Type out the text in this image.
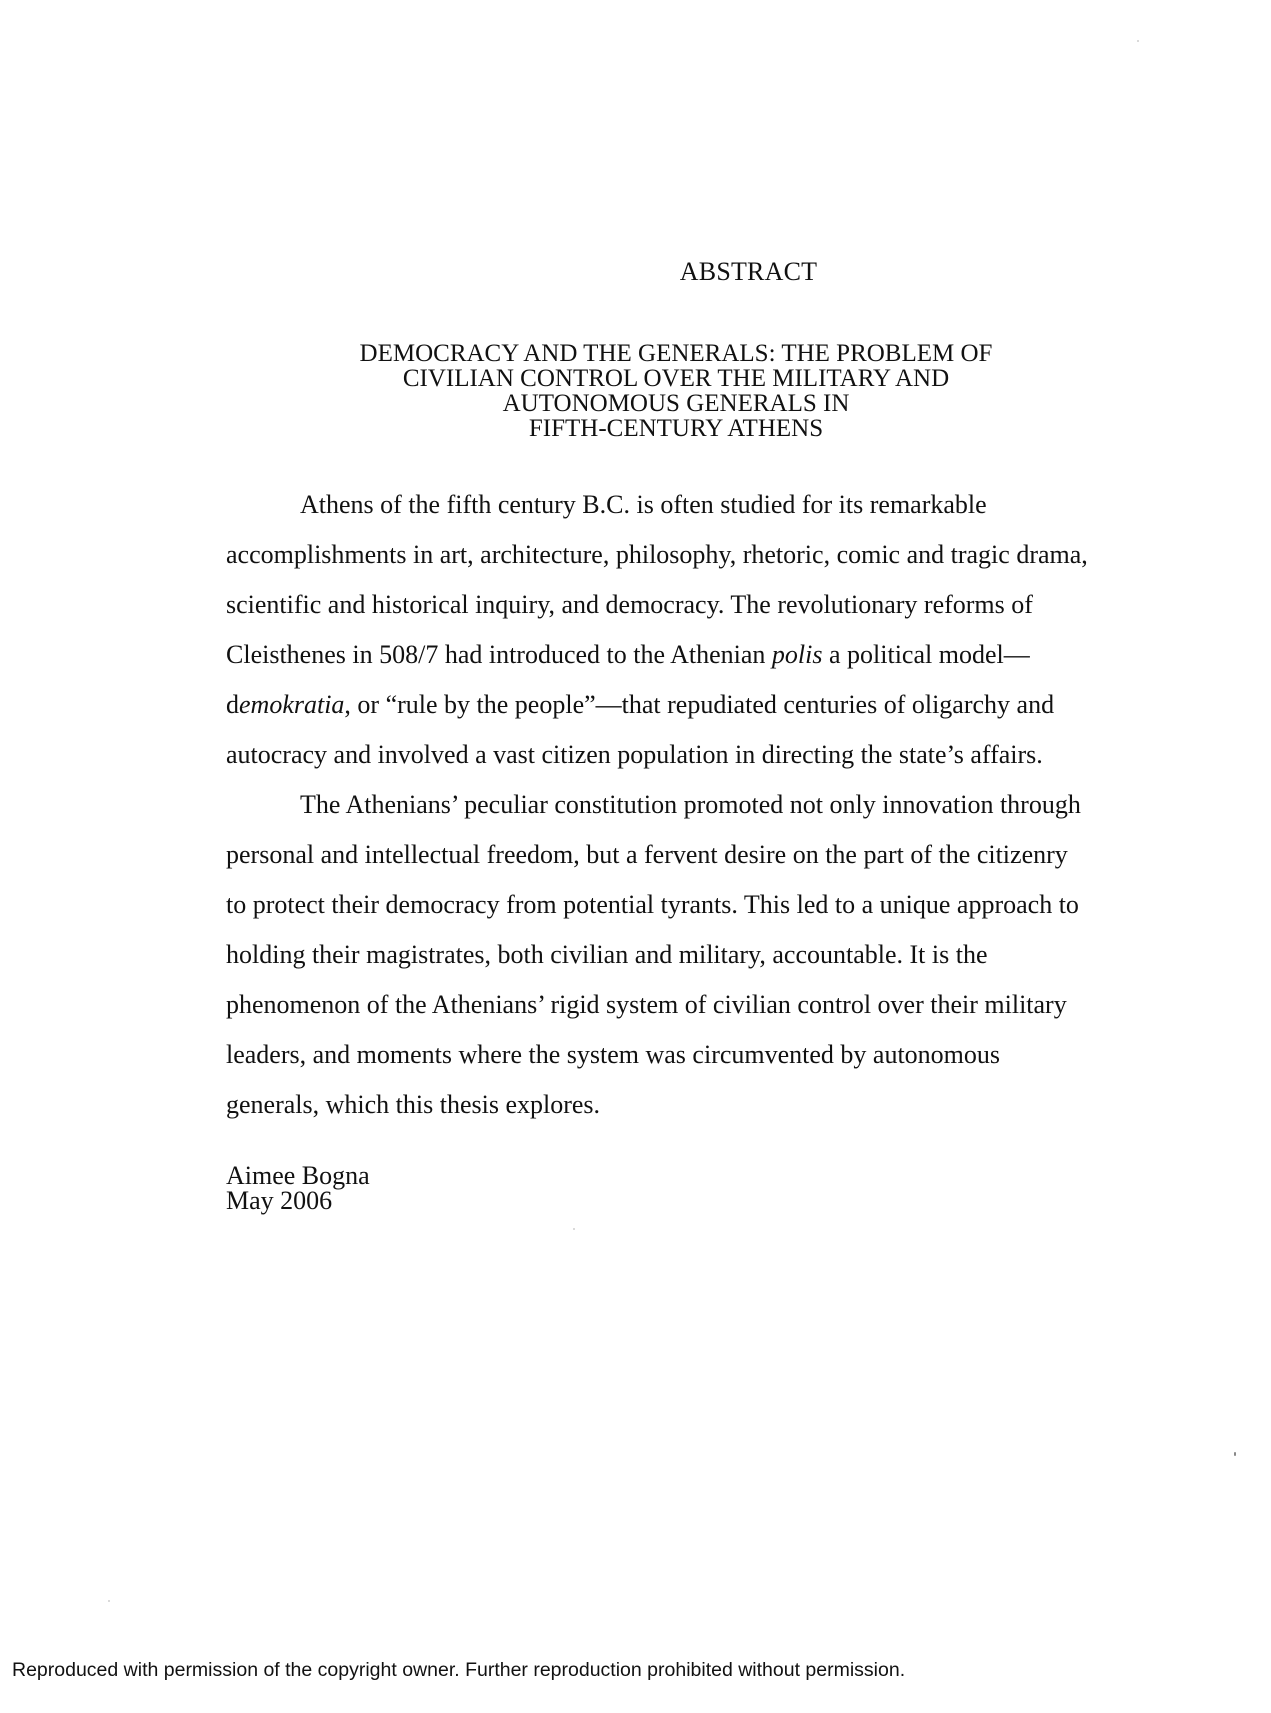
ABSTRACT
DEMOCRACY AND THE GENERALS: THE PROBLEM OF
CIVILIAN CONTROL OVER THE MILITARY AND
AUTONOMOUS GENERALS IN
FIFTH-CENTURY ATHENS
Athens of the fifth century B.C. is often studied for its remarkable
accomplishments in art, architecture, philosophy, rhetoric, comic and tragic drama,
scientific and historical inquiry, and democracy. The revolutionary reforms of
Cleisthenes in 508/7 had introduced to the Athenian polis a political model—
demokratia, or “rule by the people”—that repudiated centuries of oligarchy and
autocracy and involved a vast citizen population in directing the state’s affairs.
The Athenians’ peculiar constitution promoted not only innovation through
personal and intellectual freedom, but a fervent desire on the part of the citizenry
to protect their democracy from potential tyrants. This led to a unique approach to
holding their magistrates, both civilian and military, accountable. It is the
phenomenon of the Athenians’ rigid system of civilian control over their military
leaders, and moments where the system was circumvented by autonomous
generals, which this thesis explores.
Aimee Bogna
May 2006
Reproduced with permission of the copyright owner. Further reproduction prohibited without permission.
